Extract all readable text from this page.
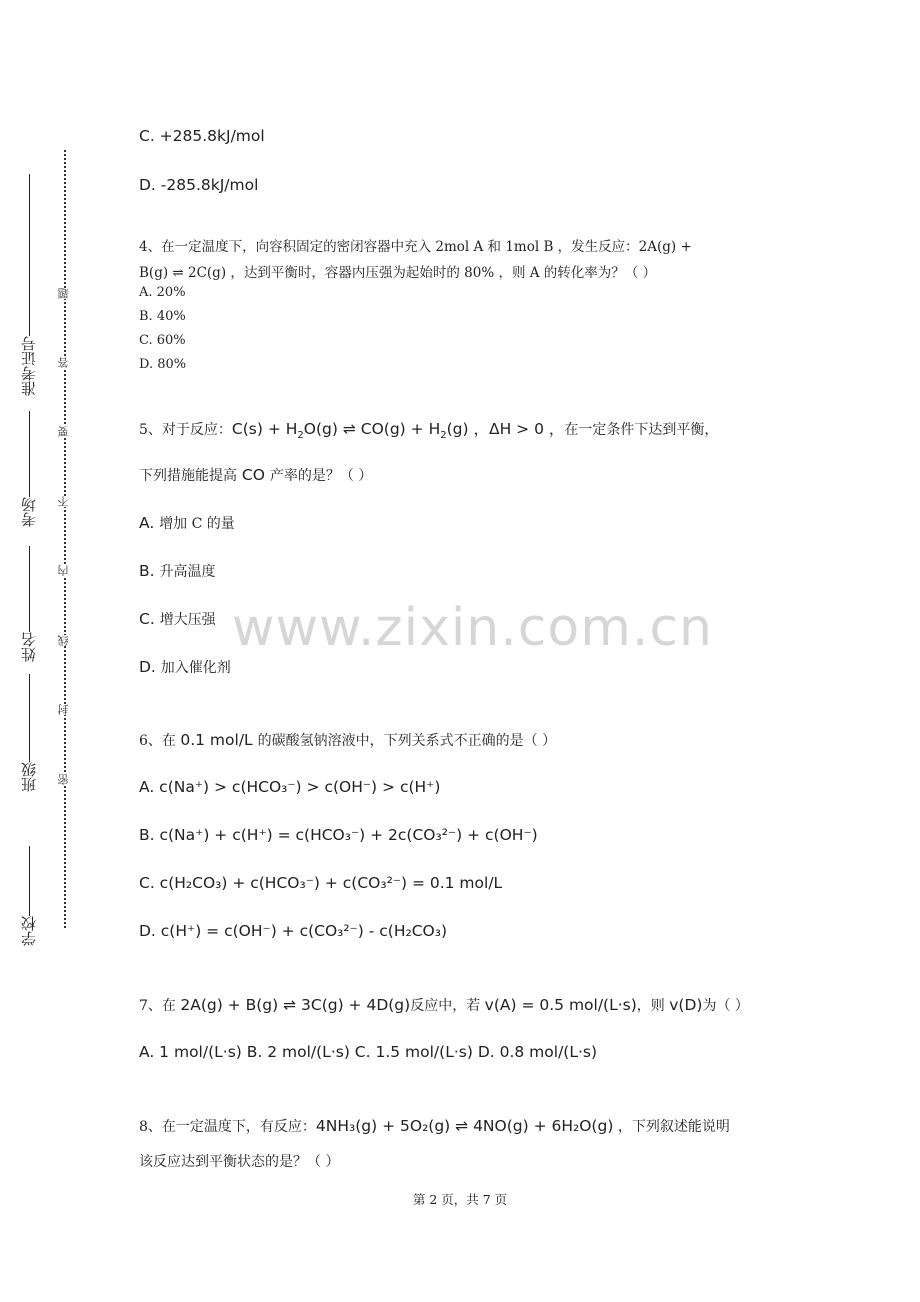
学校
班级
姓名
考场
准考证号
题
答
要
不
内
线
封
密
www.zixin.com.cn
C. +285.8kJ/mol
D. -285.8kJ/mol
4、在一定温度下，向容积固定的密闭容器中充入 2mol A 和 1mol B ，发生反应：2A(g) +
B(g) ⇌ 2C(g) ，达到平衡时，容器内压强为起始时的 80% ，则 A 的转化率为？（ ）
A. 20%
B. 40%
C. 60%
D. 80%
5、对于反应：$C(s) + H_2O(g)$ ⇌ $CO(g) + H_2(g)$ ，ΔH > 0 ，在一定条件下达到平衡，
下列措施能提高 CO 产率的是？（ ）
A. 增加 C 的量
B. 升高温度
C. 增大压强
D. 加入催化剂
6、在 0.1 mol/L 的碳酸氢钠溶液中，下列关系式不正确的是（ ）
A. c(Na⁺) > c(HCO₃⁻) > c(OH⁻) > c(H⁺)
B. c(Na⁺) + c(H⁺) = c(HCO₃⁻) + 2c(CO₃²⁻) + c(OH⁻)
C. c(H₂CO₃) + c(HCO₃⁻) + c(CO₃²⁻) = 0.1 mol/L
D. c(H⁺) = c(OH⁻) + c(CO₃²⁻) - c(H₂CO₃)
7、在 2A(g) + B(g) ⇌ 3C(g) + 4D(g)反应中，若 v(A) = 0.5 mol/(L·s)，则 v(D)为（ ）
A. 1 mol/(L·s) B. 2 mol/(L·s) C. 1.5 mol/(L·s) D. 0.8 mol/(L·s)
8、在一定温度下，有反应：4NH₃(g) + 5O₂(g) ⇌ 4NO(g) + 6H₂O(g) ，下列叙述能说明
该反应达到平衡状态的是？（ ）
第 2 页，共 7 页
